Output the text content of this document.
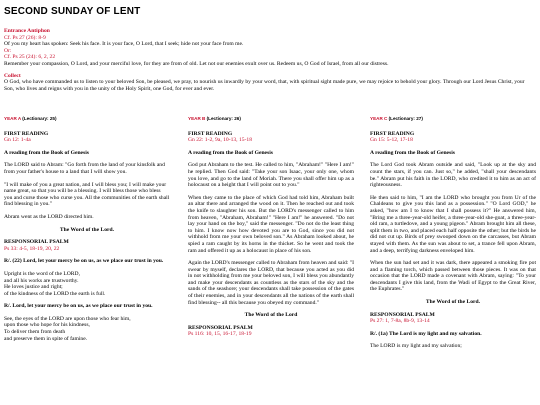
SECOND SUNDAY OF LENT

Entrance Antiphon

Cf. Ps 27 (26): 8-9

Of you my heart has spoken: Seek his face. It is your face, O Lord, that I seek; hide not your face from me.

Or:

Cf. Ps 25 (24): 6, 2, 22

Remember your compassion, O Lord, and your merciful love, for they are from of old. Let not our enemies exult over us. Redeem us, O God of Israel, from all our distress.

Collect

O God, who have commanded us to listen to your beloved Son, be pleased, we pray, to nourish us inwardly by your word, that, with spiritual sight made pure, we may rejoice to behold your glory. Through our Lord Jesus Christ, your Son, who lives and reigns with you in the unity of the Holy Spirit, one God, for ever and ever.

YEAR A (Lectionary: 25)

FIRST READING

Gn 12: 1-4a

A reading from the Book of Genesis

The LORD said to Abram: "Go forth from the land of your kinsfolk and from your father's house to a land that I will show you.

"I will make of you a great nation, and I will bless you; I will make your name great, so that you will be a blessing. I will bless those who bless you and curse those who curse you. All the communities of the earth shall find blessing in you."

Abram went as the LORD directed him.

The Word of the Lord.

RESPONSORIAL PSALM

Ps 33: 4-5, 18-19, 20, 22

R/. (22) Lord, let your mercy be on us, as we place our trust in you.

Upright is the word of the LORD,

and all his works are trustworthy.

He loves justice and right;

of the kindness of the LORD the earth is full.

R/. Lord, let your mercy be on us, as we place our trust in you.

See, the eyes of the LORD are upon those who fear him,

upon those who hope for his kindness,

To deliver them from death

and preserve them in spite of famine.

YEAR B (Lectionary: 26)

FIRST READING

Gn 22: 1-2, 9a, 10-13, 15-18

A reading from the Book of Genesis

God put Abraham to the test. He called to him, "Abraham!" "Here I am!" he replied. Then God said: "Take your son Isaac, your only one, whom you love, and go to the land of Moriah. There you shall offer him up as a holocaust on a height that I will point out to you."

When they came to the place of which God had told him, Abraham built an altar there and arranged the wood on it. Then he reached out and took the knife to slaughter his son. But the LORD's messenger called to him from heaven, "Abraham, Abraham!" "Here I am!" he answered. "Do not lay your hand on the boy," said the messenger. "Do not do the least thing to him. I know now how devoted you are to God, since you did not withhold from me your own beloved son." As Abraham looked about, he spied a ram caught by its horns in the thicket. So he went and took the ram and offered it up as a holocaust in place of his son.

Again the LORD's messenger called to Abraham from heaven and said: "I swear by myself, declares the LORD, that because you acted as you did in not withholding from me your beloved son, I will bless you abundantly and make your descendants as countless as the stars of the sky and the sands of the seashore; your descendants shall take possession of the gates of their enemies, and in your descendants all the nations of the earth shall find blessing-- all this because you obeyed my command."

The Word of the Lord

RESPONSORIAL PSALM

Ps 116: 10, 15, 16-17, 18-19

YEAR C (Lectionary: 27)

FIRST READING

Gn 15: 5-12, 17-18

A reading from the Book of Genesis

The Lord God took Abram outside and said, "Look up at the sky and count the stars, if you can. Just so," he added, "shall your descendants be." Abram put his faith in the LORD, who credited it to him as an act of righteousness.

He then said to him, "I am the LORD who brought you from Ur of the Chaldeans to give you this land as a possession." "O Lord GOD," he asked, "how am I to know that I shall possess it?" He answered him, "Bring me a three-year-old heifer, a three-year-old she-goat, a three-year-old ram, a turtledove, and a young pigeon." Abram brought him all these, split them in two, and placed each half opposite the other; but the birds he did not cut up. Birds of prey swooped down on the carcasses, but Abram stayed with them. As the sun was about to set, a trance fell upon Abram, and a deep, terrifying darkness enveloped him.

When the sun had set and it was dark, there appeared a smoking fire pot and a flaming torch, which passed between those pieces. It was on that occasion that the LORD made a covenant with Abram, saying: "To your descendants I give this land, from the Wadi of Egypt to the Great River, the Euphrates."

The Word of the Lord.

RESPONSORIAL PSALM

Ps 27: 1, 7-8a, 8b-9, 13-14

R/. (1a) The Lord is my light and my salvation.

The LORD is my light and my salvation;
